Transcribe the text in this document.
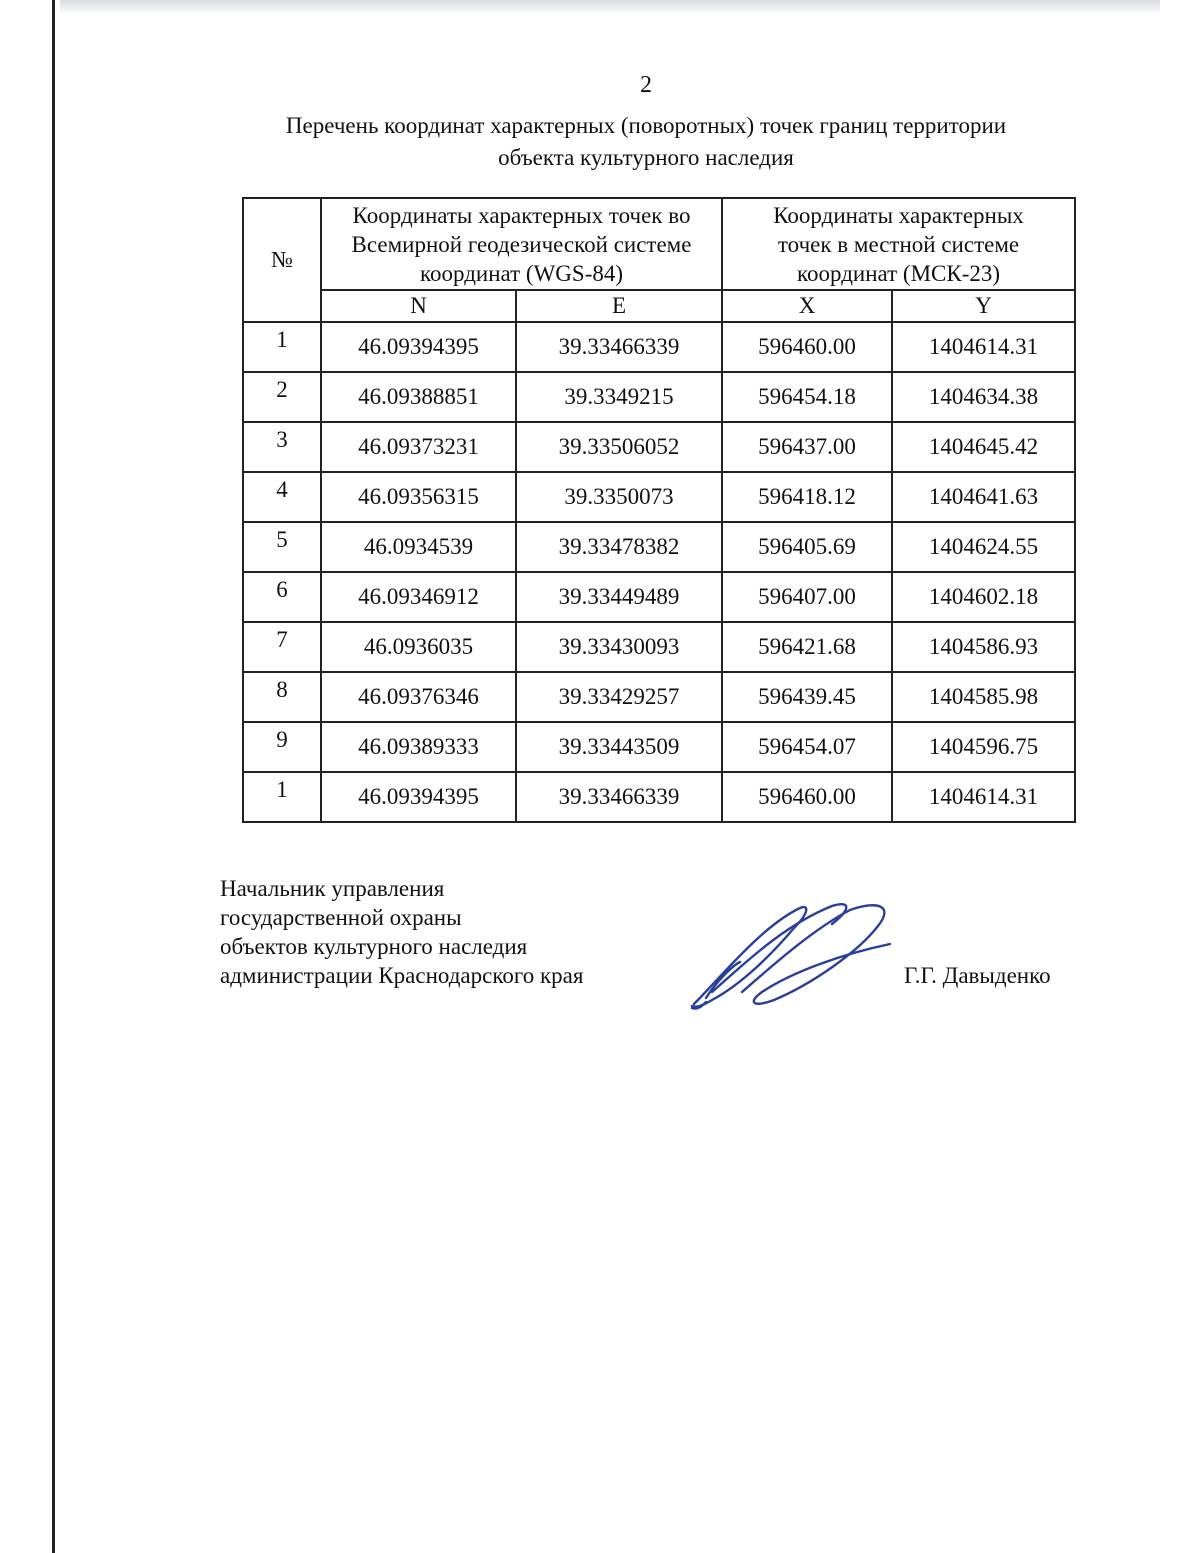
2
Перечень координат характерных (поворотных) точек границ территории
объекта культурного наследия
№	Координаты характерных точек во Всемирной геодезической системе координат (WGS-84)		Координаты характерных точек в местной системе координат (МСК-23)	
	N	E	X	Y
1	46.09394395	39.33466339	596460.00	1404614.31
2	46.09388851	39.3349215	596454.18	1404634.38
3	46.09373231	39.33506052	596437.00	1404645.42
4	46.09356315	39.3350073	596418.12	1404641.63
5	46.0934539	39.33478382	596405.69	1404624.55
6	46.09346912	39.33449489	596407.00	1404602.18
7	46.0936035	39.33430093	596421.68	1404586.93
8	46.09376346	39.33429257	596439.45	1404585.98
9	46.09389333	39.33443509	596454.07	1404596.75
1	46.09394395	39.33466339	596460.00	1404614.31
Начальник управления
государственной охраны
объектов культурного наследия
администрации Краснодарского края	Г.Г. Давыденко
